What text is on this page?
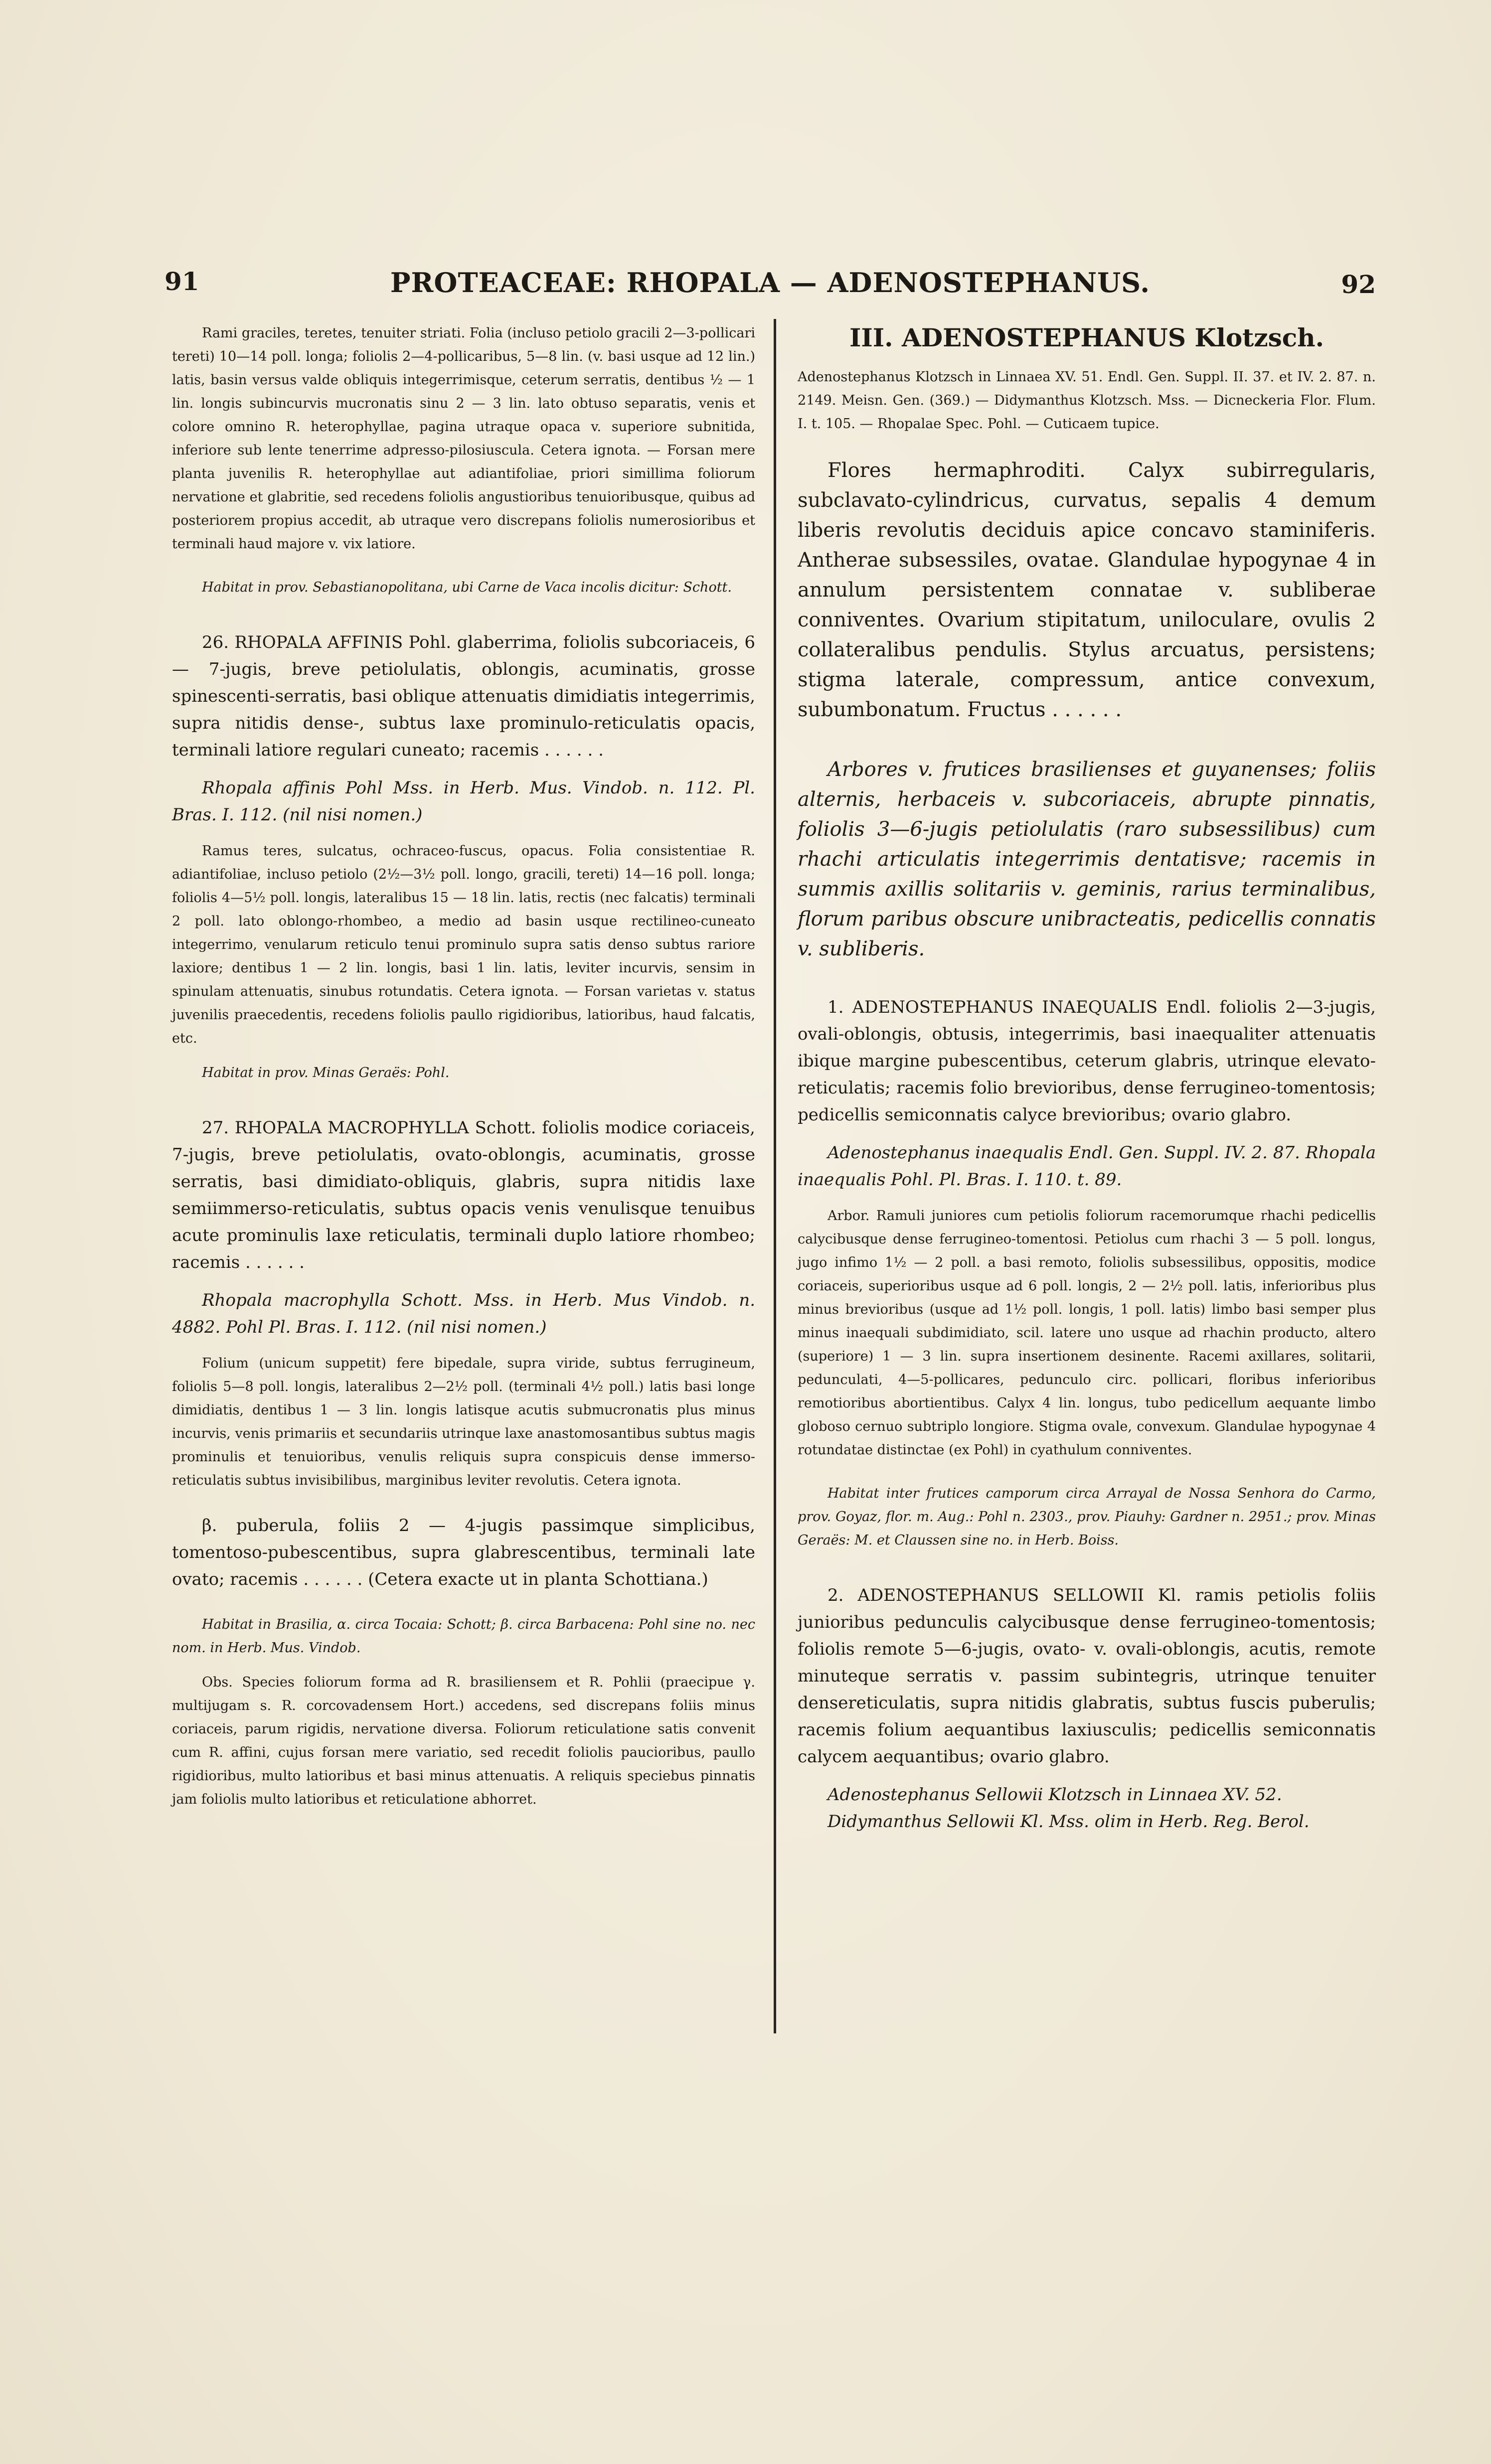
91	PROTEACEAE: RHOPALA — ADENOSTEPHANUS.	92

Rami graciles, teretes, tenuiter striati. Folia (incluso petiolo gracili 2—3-pollicari tereti) 10—14 poll. longa; foliolis 2—4-pollicaribus, 5—8 lin. (v. basi usque ad 12 lin.) latis, basin versus valde obliquis integerrimisque, ceterum serratis, dentibus ½ — 1 lin. longis subincurvis mucronatis sinu 2 — 3 lin. lato obtuso separatis, venis et colore omnino R. heterophyllae, pagina utraque opaca v. superiore subnitida, inferiore sub lente tenerrime adpresso-pilosiuscula. Cetera ignota. — Forsan mere planta juvenilis R. heterophyllae aut adiantifoliae, priori simillima foliorum nervatione et glabritie, sed recedens foliolis angustioribus tenuioribusque, quibus ad posteriorem propius accedit, ab utraque vero discrepans foliolis numerosioribus et terminali haud majore v. vix latiore.

Habitat in prov. Sebastianopolitana, ubi Carne de Vaca incolis dicitur: Schott.

26. RHOPALA AFFINIS Pohl. glaberrima, foliolis subcoriaceis, 6 — 7-jugis, breve petiolulatis, oblongis, acuminatis, grosse spinescenti-serratis, basi oblique attenuatis dimidiatis integerrimis, supra nitidis dense-, subtus laxe prominulo-reticulatis opacis, terminali latiore regulari cuneato; racemis . . . . . .

Rhopala affinis Pohl Mss. in Herb. Mus. Vindob. n. 112. Pl. Bras. I. 112. (nil nisi nomen.)

Ramus teres, sulcatus, ochraceo-fuscus, opacus. Folia consistentiae R. adiantifoliae, incluso petiolo (2½—3½ poll. longo, gracili, tereti) 14—16 poll. longa; foliolis 4—5½ poll. longis, lateralibus 15 — 18 lin. latis, rectis (nec falcatis) terminali 2 poll. lato oblongo-rhombeo, a medio ad basin usque rectilineo-cuneato integerrimo, venularum reticulo tenui prominulo supra satis denso subtus rariore laxiore; dentibus 1 — 2 lin. longis, basi 1 lin. latis, leviter incurvis, sensim in spinulam attenuatis, sinubus rotundatis. Cetera ignota. — Forsan varietas v. status juvenilis praecedentis, recedens foliolis paullo rigidioribus, latioribus, haud falcatis, etc.

Habitat in prov. Minas Geraës: Pohl.

27. RHOPALA MACROPHYLLA Schott. foliolis modice coriaceis, 7-jugis, breve petiolulatis, ovato-oblongis, acuminatis, grosse serratis, basi dimidiato-obliquis, glabris, supra nitidis laxe semiimmerso-reticulatis, subtus opacis venis venulisque tenuibus acute prominulis laxe reticulatis, terminali duplo latiore rhombeo; racemis . . . . . .

Rhopala macrophylla Schott. Mss. in Herb. Mus Vindob. n. 4882. Pohl Pl. Bras. I. 112. (nil nisi nomen.)

Folium (unicum suppetit) fere bipedale, supra viride, subtus ferrugineum, foliolis 5—8 poll. longis, lateralibus 2—2½ poll. (terminali 4½ poll.) latis basi longe dimidiatis, dentibus 1 — 3 lin. longis latisque acutis submucronatis plus minus incurvis, venis primariis et secundariis utrinque laxe anastomosantibus subtus magis prominulis et tenuioribus, venulis reliquis supra conspicuis dense immerso-reticulatis subtus invisibilibus, marginibus leviter revolutis. Cetera ignota.

β. puberula, foliis 2 — 4-jugis passimque simplicibus, tomentoso-pubescentibus, supra glabrescentibus, terminali late ovato; racemis . . . . . . (Cetera exacte ut in planta Schottiana.)

Habitat in Brasilia, α. circa Tocaia: Schott; β. circa Barbacena: Pohl sine no. nec nom. in Herb. Mus. Vindob.

Obs. Species foliorum forma ad R. brasiliensem et R. Pohlii (praecipue γ. multijugam s. R. corcovadensem Hort.) accedens, sed discrepans foliis minus coriaceis, parum rigidis, nervatione diversa. Foliorum reticulatione satis convenit cum R. affini, cujus forsan mere variatio, sed recedit foliolis paucioribus, paullo rigidioribus, multo latioribus et basi minus attenuatis. A reliquis speciebus pinnatis jam foliolis multo latioribus et reticulatione abhorret.

III. ADENOSTEPHANUS Klotzsch.

Adenostephanus Klotzsch in Linnaea XV. 51. Endl. Gen. Suppl. II. 37. et IV. 2. 87. n. 2149. Meisn. Gen. (369.) — Didymanthus Klotzsch. Mss. — Dicneckeria Flor. Flum. I. t. 105. — Rhopalae Spec. Pohl. — Cuticaem tupice.

Flores hermaphroditi. Calyx subirregularis, subclavato-cylindricus, curvatus, sepalis 4 demum liberis revolutis deciduis apice concavo staminiferis. Antherae subsessiles, ovatae. Glandulae hypogynae 4 in annulum persistentem connatae v. subliberae conniventes. Ovarium stipitatum, uniloculare, ovulis 2 collateralibus pendulis. Stylus arcuatus, persistens; stigma laterale, compressum, antice convexum, subumbonatum. Fructus . . . . . .

Arbores v. frutices brasilienses et guyanenses; foliis alternis, herbaceis v. subcoriaceis, abrupte pinnatis, foliolis 3—6-jugis petiolulatis (raro subsessilibus) cum rhachi articulatis integerrimis dentatisve; racemis in summis axillis solitariis v. geminis, rarius terminalibus, florum paribus obscure unibracteatis, pedicellis connatis v. subliberis.

1. ADENOSTEPHANUS INAEQUALIS Endl. foliolis 2—3-jugis, ovali-oblongis, obtusis, integerrimis, basi inaequaliter attenuatis ibique margine pubescentibus, ceterum glabris, utrinque elevato-reticulatis; racemis folio brevioribus, dense ferrugineo-tomentosis; pedicellis semiconnatis calyce brevioribus; ovario glabro.

Adenostephanus inaequalis Endl. Gen. Suppl. IV. 2. 87. Rhopala inaequalis Pohl. Pl. Bras. I. 110. t. 89.

Arbor. Ramuli juniores cum petiolis foliorum racemorumque rhachi pedicellis calycibusque dense ferrugineo-tomentosi. Petiolus cum rhachi 3 — 5 poll. longus, jugo infimo 1½ — 2 poll. a basi remoto, foliolis subsessilibus, oppositis, modice coriaceis, superioribus usque ad 6 poll. longis, 2 — 2½ poll. latis, inferioribus plus minus brevioribus (usque ad 1½ poll. longis, 1 poll. latis) limbo basi semper plus minus inaequali subdimidiato, scil. latere uno usque ad rhachin producto, altero (superiore) 1 — 3 lin. supra insertionem desinente. Racemi axillares, solitarii, pedunculati, 4—5-pollicares, pedunculo circ. pollicari, floribus inferioribus remotioribus abortientibus. Calyx 4 lin. longus, tubo pedicellum aequante limbo globoso cernuo subtriplo longiore. Stigma ovale, convexum. Glandulae hypogynae 4 rotundatae distinctae (ex Pohl) in cyathulum conniventes.

Habitat inter frutices camporum circa Arrayal de Nossa Senhora do Carmo, prov. Goyaz, flor. m. Aug.: Pohl n. 2303., prov. Piauhy: Gardner n. 2951.; prov. Minas Geraës: M. et Claussen sine no. in Herb. Boiss.

2. ADENOSTEPHANUS SELLOWII Kl. ramis petiolis foliis junioribus pedunculis calycibusque dense ferrugineo-tomentosis; foliolis remote 5—6-jugis, ovato- v. ovali-oblongis, acutis, remote minuteque serratis v. passim subintegris, utrinque tenuiter densereticulatis, supra nitidis glabratis, subtus fuscis puberulis; racemis folium aequantibus laxiusculis; pedicellis semiconnatis calycem aequantibus; ovario glabro.

Adenostephanus Sellowii Klotzsch in Linnaea XV. 52.

Didymanthus Sellowii Kl. Mss. olim in Herb. Reg. Berol.
